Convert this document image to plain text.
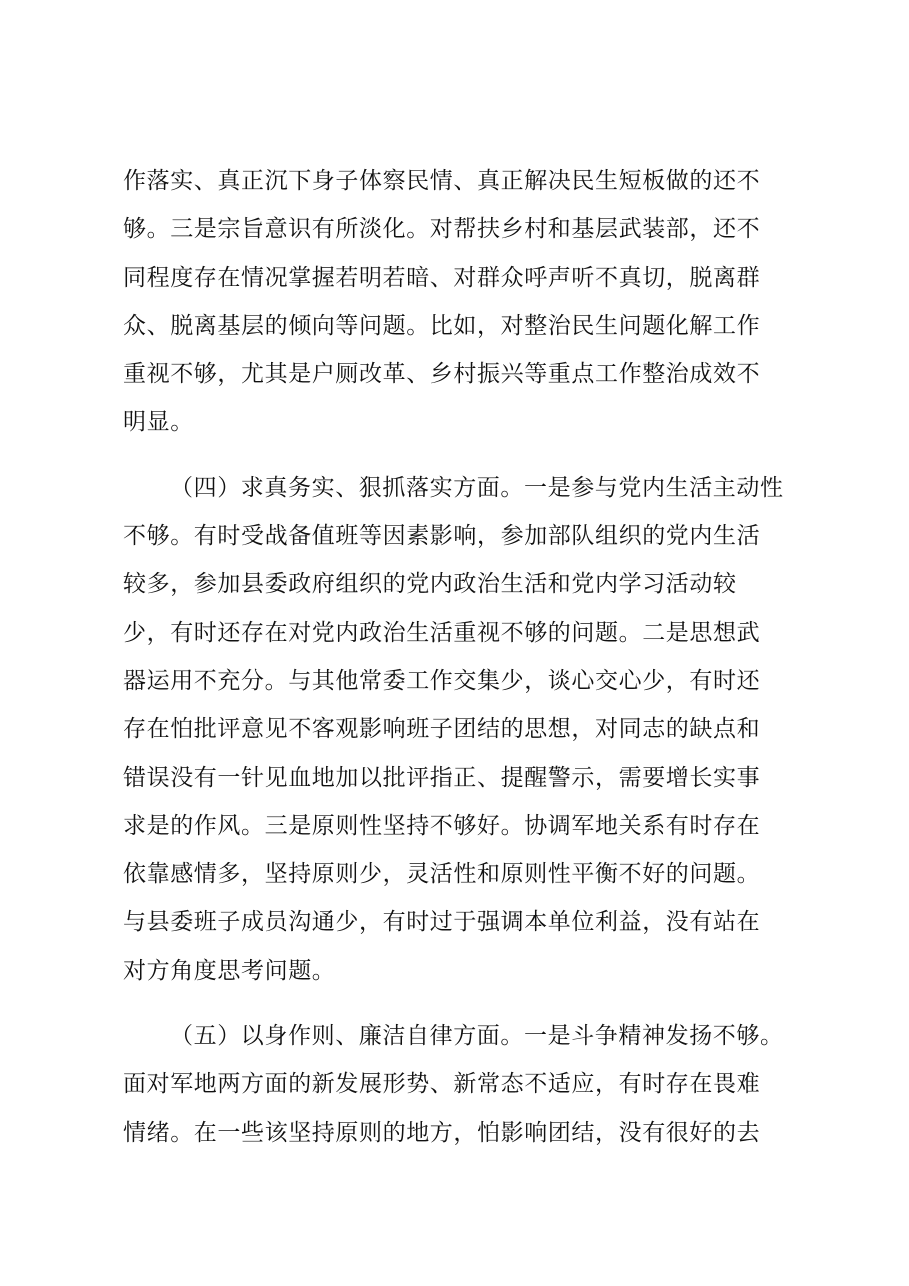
作落实、真正沉下身子体察民情、真正解决民生短板做的还不
够。三是宗旨意识有所淡化。对帮扶乡村和基层武装部，还不
同程度存在情况掌握若明若暗、对群众呼声听不真切，脱离群
众、脱离基层的倾向等问题。比如，对整治民生问题化解工作
重视不够，尤其是户厕改革、乡村振兴等重点工作整治成效不
明显。
（四）求真务实、狠抓落实方面。一是参与党内生活主动性
不够。有时受战备值班等因素影响，参加部队组织的党内生活
较多，参加县委政府组织的党内政治生活和党内学习活动较
少，有时还存在对党内政治生活重视不够的问题。二是思想武
器运用不充分。与其他常委工作交集少，谈心交心少，有时还
存在怕批评意见不客观影响班子团结的思想，对同志的缺点和
错误没有一针见血地加以批评指正、提醒警示，需要增长实事
求是的作风。三是原则性坚持不够好。协调军地关系有时存在
依靠感情多，坚持原则少，灵活性和原则性平衡不好的问题。
与县委班子成员沟通少，有时过于强调本单位利益，没有站在
对方角度思考问题。
（五）以身作则、廉洁自律方面。一是斗争精神发扬不够。
面对军地两方面的新发展形势、新常态不适应，有时存在畏难
情绪。在一些该坚持原则的地方，怕影响团结，没有很好的去
